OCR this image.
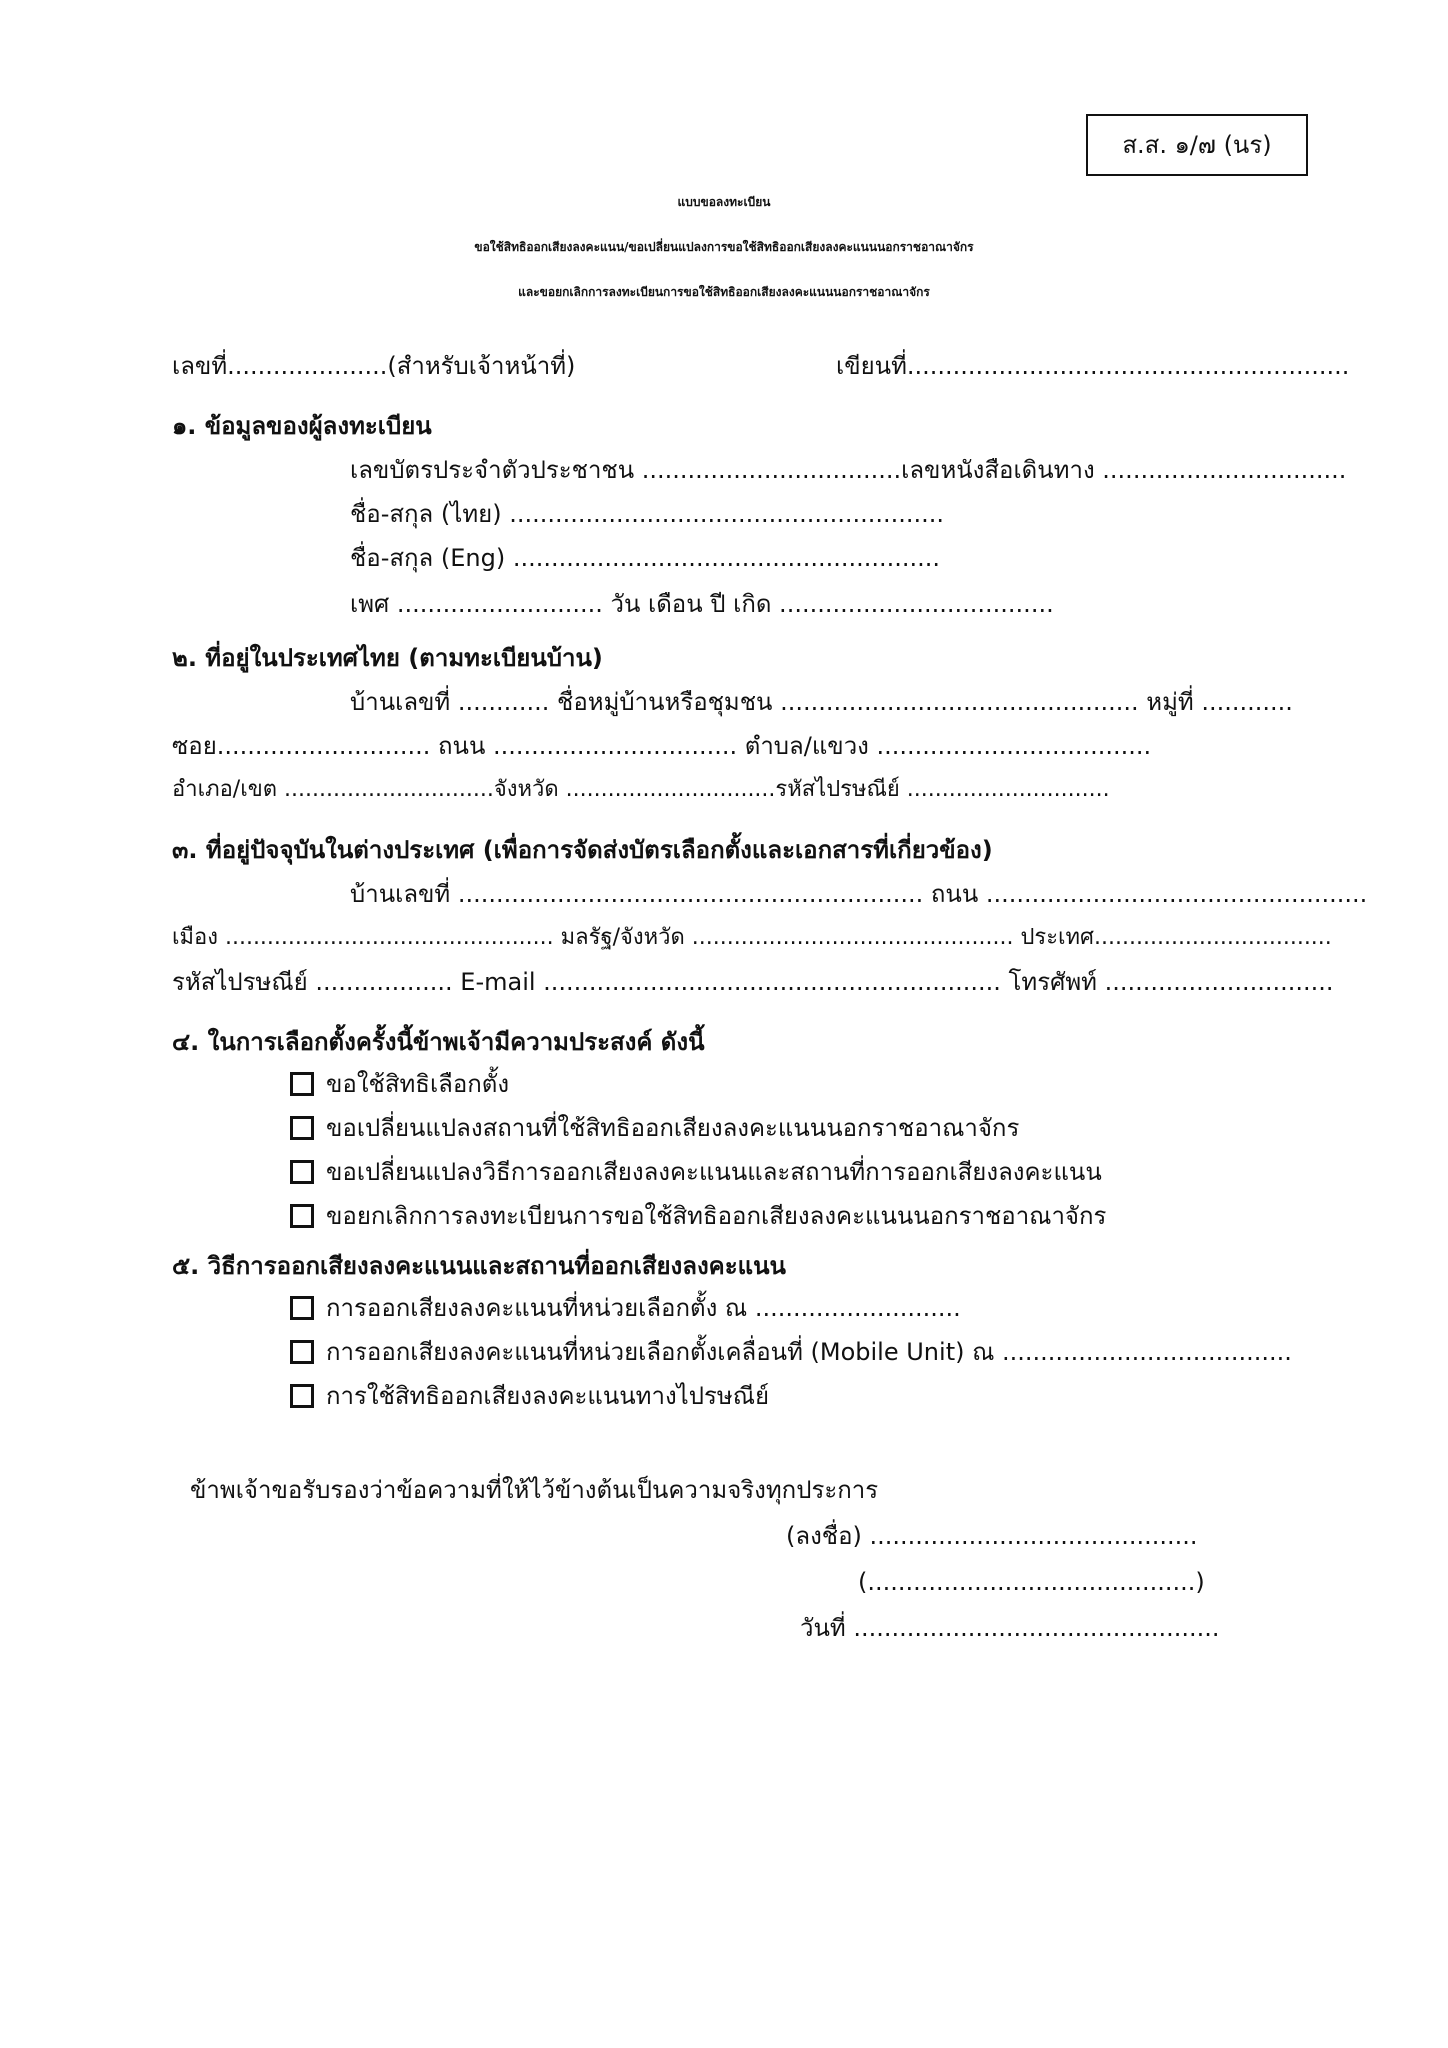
ส.ส. ๑/๗ (นร)
แบบขอลงทะเบียน
ขอใช้สิทธิออกเสียงลงคะแนน/ขอเปลี่ยนแปลงการขอใช้สิทธิออกเสียงลงคะแนนนอกราชอาณาจักร
และขอยกเลิกการลงทะเบียนการขอใช้สิทธิออกเสียงลงคะแนนนอกราชอาณาจักร
เลขที่.....................(สำหรับเจ้าหน้าที่)	เขียนที่..........................................................
๑. ข้อมูลของผู้ลงทะเบียน
เลขบัตรประจำตัวประชาชน ..................................เลขหนังสือเดินทาง ................................
ชื่อ-สกุล (ไทย) .........................................................
ชื่อ-สกุล (Eng) ........................................................
เพศ ........................... วัน เดือน ปี เกิด ....................................
๒. ที่อยู่ในประเทศไทย (ตามทะเบียนบ้าน)
บ้านเลขที่ ............ ชื่อหมู่บ้านหรือชุมชน ............................................... หมู่ที่ ............
ซอย............................ ถนน ................................ ตำบล/แขวง ....................................
อำเภอ/เขต ..............................จังหวัด ..............................รหัสไปรษณีย์ .............................
๓. ที่อยู่ปัจจุบันในต่างประเทศ (เพื่อการจัดส่งบัตรเลือกตั้งและเอกสารที่เกี่ยวข้อง)
บ้านเลขที่ ............................................................. ถนน ..................................................
เมือง ............................................... มลรัฐ/จังหวัด .............................................. ประเทศ..................................
รหัสไปรษณีย์ .................. E-mail ............................................................ โทรศัพท์ ..............................
๔. ในการเลือกตั้งครั้งนี้ข้าพเจ้ามีความประสงค์ ดังนี้
ขอใช้สิทธิเลือกตั้ง
ขอเปลี่ยนแปลงสถานที่ใช้สิทธิออกเสียงลงคะแนนนอกราชอาณาจักร
ขอเปลี่ยนแปลงวิธีการออกเสียงลงคะแนนและสถานที่การออกเสียงลงคะแนน
ขอยกเลิกการลงทะเบียนการขอใช้สิทธิออกเสียงลงคะแนนนอกราชอาณาจักร
๕. วิธีการออกเสียงลงคะแนนและสถานที่ออกเสียงลงคะแนน
การออกเสียงลงคะแนนที่หน่วยเลือกตั้ง ณ ...........................
การออกเสียงลงคะแนนที่หน่วยเลือกตั้งเคลื่อนที่ (Mobile Unit) ณ ......................................
การใช้สิทธิออกเสียงลงคะแนนทางไปรษณีย์
ข้าพเจ้าขอรับรองว่าข้อความที่ให้ไว้ข้างต้นเป็นความจริงทุกประการ
(ลงชื่อ) ...........................................
(...........................................)
วันที่ ................................................
